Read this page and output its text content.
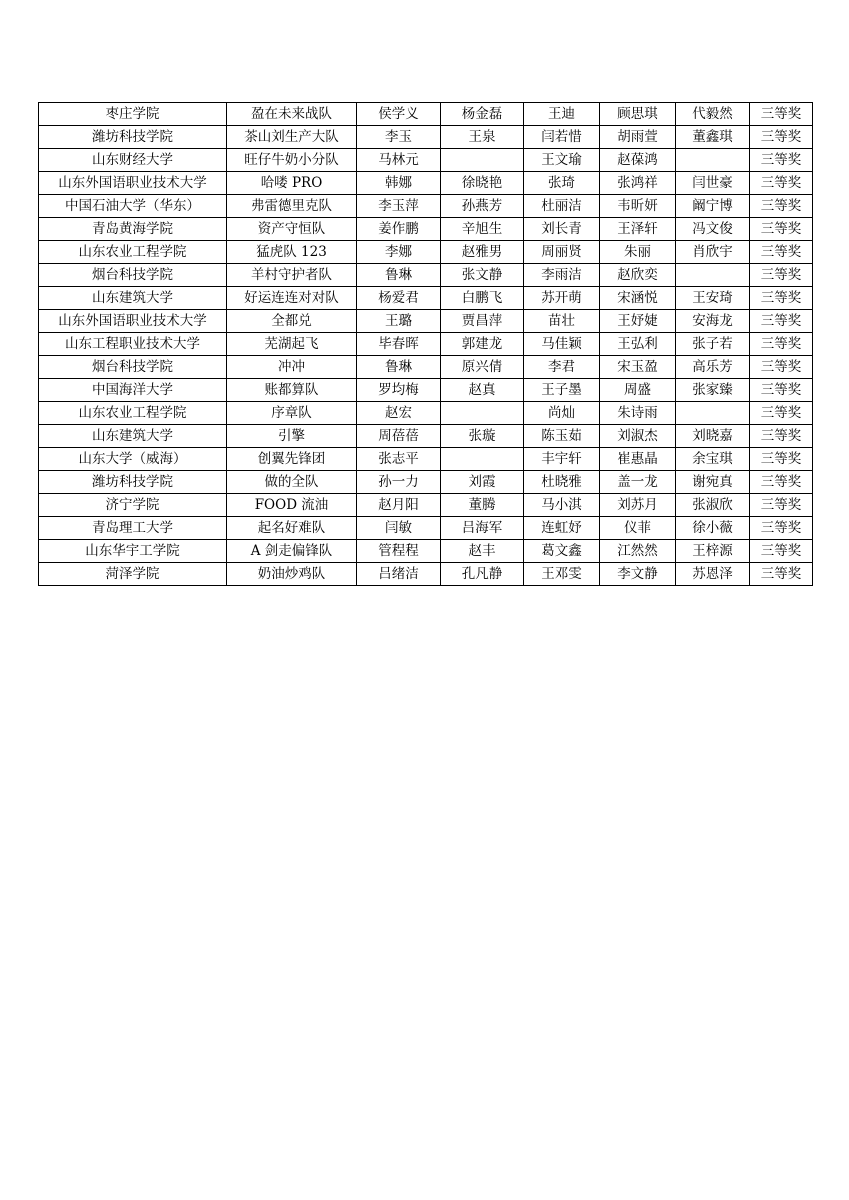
枣庄学院	盈在未来战队	侯学义	杨金磊	王迪	顾思琪	代毅然	三等奖
潍坊科技学院	茶山刘生产大队	李玉	王泉	闫若惜	胡雨萱	董鑫琪	三等奖
山东财经大学	旺仔牛奶小分队	马林元		王文瑜	赵葆鸿		三等奖
山东外国语职业技术大学	哈喽 PRO	韩娜	徐晓艳	张琦	张鸿祥	闫世豪	三等奖
中国石油大学（华东）	弗雷德里克队	李玉萍	孙燕芳	杜丽洁	韦昕妍	阚宁博	三等奖
青岛黄海学院	资产守恒队	姜作鹏	辛旭生	刘长青	王泽轩	冯文俊	三等奖
山东农业工程学院	猛虎队 123	李娜	赵雅男	周丽贤	朱丽	肖欣宇	三等奖
烟台科技学院	羊村守护者队	鲁琳	张文静	李雨洁	赵欣奕		三等奖
山东建筑大学	好运连连对对队	杨爱君	白鹏飞	苏开萌	宋涵悦	王安琦	三等奖
山东外国语职业技术大学	全都兑	王璐	贾昌萍	苗壮	王妤婕	安海龙	三等奖
山东工程职业技术大学	芜湖起飞	毕春晖	郭建龙	马佳颖	王弘利	张子若	三等奖
烟台科技学院	冲冲	鲁琳	原兴倩	李君	宋玉盈	高乐芳	三等奖
中国海洋大学	账都算队	罗均梅	赵真	王子墨	周盛	张家臻	三等奖
山东农业工程学院	序章队	赵宏		尚灿	朱诗雨		三等奖
山东建筑大学	引擎	周蓓蓓	张璇	陈玉茹	刘淑杰	刘晓嘉	三等奖
山东大学（威海）	创翼先锋团	张志平		丰宇轩	崔惠晶	余宝琪	三等奖
潍坊科技学院	做的全队	孙一力	刘霞	杜晓雅	盖一龙	谢宛真	三等奖
济宁学院	FOOD 流油	赵月阳	董腾	马小淇	刘苏月	张淑欣	三等奖
青岛理工大学	起名好难队	闫敏	吕海军	连虹妤	仪菲	徐小薇	三等奖
山东华宇工学院	A 剑走偏锋队	管程程	赵丰	葛文鑫	江然然	王梓源	三等奖
菏泽学院	奶油炒鸡队	吕绪洁	孔凡静	王邓雯	李文静	苏恩泽	三等奖
